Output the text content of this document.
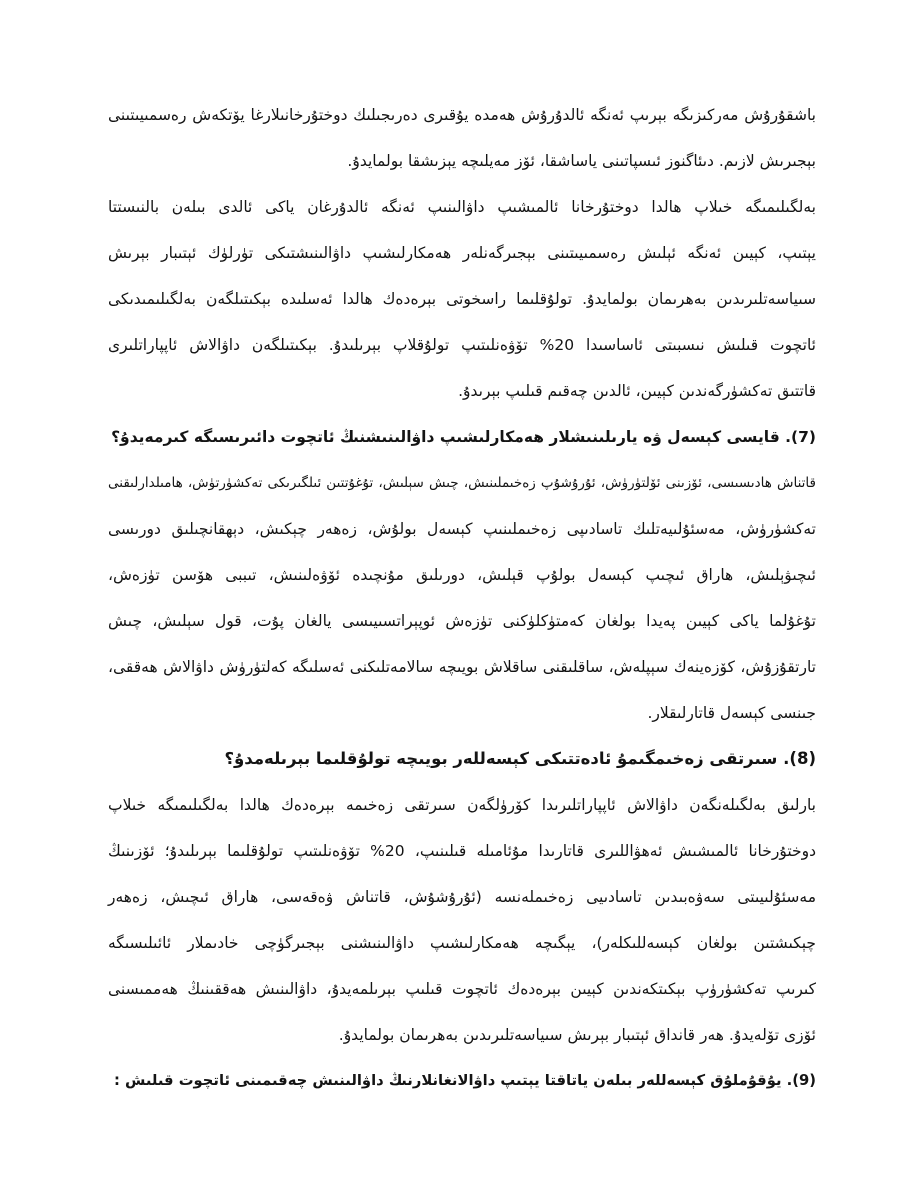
باشقۇرۇش مەركىزىگە بېرىپ ئەنگە ئالدۇرۇش ھەمدە يۇقىرى دەرىجىلىك دوختۇرخانىلارغا يۆتكەش رەسمىيىتىنى
بېجىرىش لازىم. دىئاگنوز ئىسپاتىنى ياساشقا، ئۆز مەيلىچە يېزىشقا بولمايدۇ.
بەلگىلىمىگە خىلاپ ھالدا دوختۇرخانا ئالمىشىپ داۋالىنىپ ئەنگە ئالدۇرغان ياكى ئالدى بىلەن بالنىستتا
يېتىپ، كېيىن ئەنگە ئېلىش رەسمىيىتىنى بېجىرگەنلەر ھەمكارلىشىپ داۋالىنىشتىكى تۈرلۈك ئېتىبار بېرىش
سىياسەتلىرىدىن بەھرىمان بولمايدۇ. تولۇقلىما راسخوتى بېرەدەك ھالدا ئەسلىدە بېكىتىلگەن بەلگىلىمىدىكى
ئاتچوت قىلىش نىسبىتى ئاساسىدا 20% تۆۋەنلىتىپ تولۇقلاپ بېرىلىدۇ. بېكىتىلگەن داۋالاش ئاپپاراتلىرى
قاتتىق تەكشۈرگەندىن كېيىن، ئالدىن چەقىم قىلىپ بېرىدۇ.
(7). قايسى كېسەل ۋە يارىلىنىشلار ھەمكارلىشىپ داۋالىنىشنىڭ ئاتچوت دائىرىسىگە كىرمەيدۇ؟
قاتناش ھادىسىسى، ئۆزىنى ئۆلتۈرۈش، ئۇرۇشۇپ زەخىملىنىش، چىش سېلىش، تۇغۇتتىن ئىلگىرىكى تەكشۈرتۈش، ھامىلدارلىقنى
تەكشۈرۈش، مەسئۇلىيەتلىك تاسادىپى زەخىملىنىپ كېسەل بولۇش، زەھەر چېكىش، دېھقانچىلىق دورىسى
ئىچىۋېلىش، ھاراق ئىچىپ كېسەل بولۇپ قېلىش، دورىلىق مۇنچىدە ئۆۋەلىنىش، تىببى ھۆسن تۈزەش،
تۇغۇلما ياكى كېيىن پەيدا بولغان كەمتۈكلۈكنى تۈزەش ئوپېراتسىيىسى يالغان پۇت، قول سېلىش، چىش
تارتقۇزۇش، كۆزەينەك سېپلەش، ساقلىقنى ساقلاش بويىچە سالامەتلىكنى ئەسلىگە كەلتۈرۈش داۋالاش ھەققى،
جىنسى كېسەل قاتارلىقلار.
(8). سىرتقى زەخىمگىمۇ ئادەتتىكى كېسەللەر بويىچە تولۇقلىما بېرىلەمدۇ؟
بارلىق بەلگىلەنگەن داۋالاش ئاپپاراتلىرىدا كۆرۈلگەن سىرتقى زەخىمە بېرەدەك ھالدا بەلگىلىمىگە خىلاپ
دوختۇرخانا ئالمىشىش ئەھۋاللىرى قاتارىدا مۇئامىلە قىلىنىپ، 20% تۆۋەنلىتىپ تولۇقلىما بېرىلىدۇ؛ ئۆزىنىڭ
مەسئۇلىيىتى سەۋەبىدىن تاسادىيى زەخىملەنسە (ئۇرۇشۇش، قاتناش ۋەقەسى، ھاراق ئىچىش، زەھەر
چېكىشتىن بولغان كېسەللىكلەر)، يېگىچە ھەمكارلىشىپ داۋالىنىشنى بېجىرگۈچى خادىملار ئائىلىسىگە
كىرىپ تەكشۈرۈپ بېكىتكەندىن كېيىن بېرەدەك ئاتچوت قىلىپ بېرىلمەيدۇ، داۋالىنىش ھەققىنىڭ ھەممىسنى
ئۆزى تۆلەيدۇ. ھەر قانداق ئېتىبار بېرىش سىياسەتلىرىدىن بەھرىمان بولمايدۇ.
(9). يۇقۇملۇق كېسەللەر بىلەن ياتاقتا يېتىپ داۋالانغانلارنىڭ داۋالىنىش چەقىمىنى ئاتچوت قىلىش :
